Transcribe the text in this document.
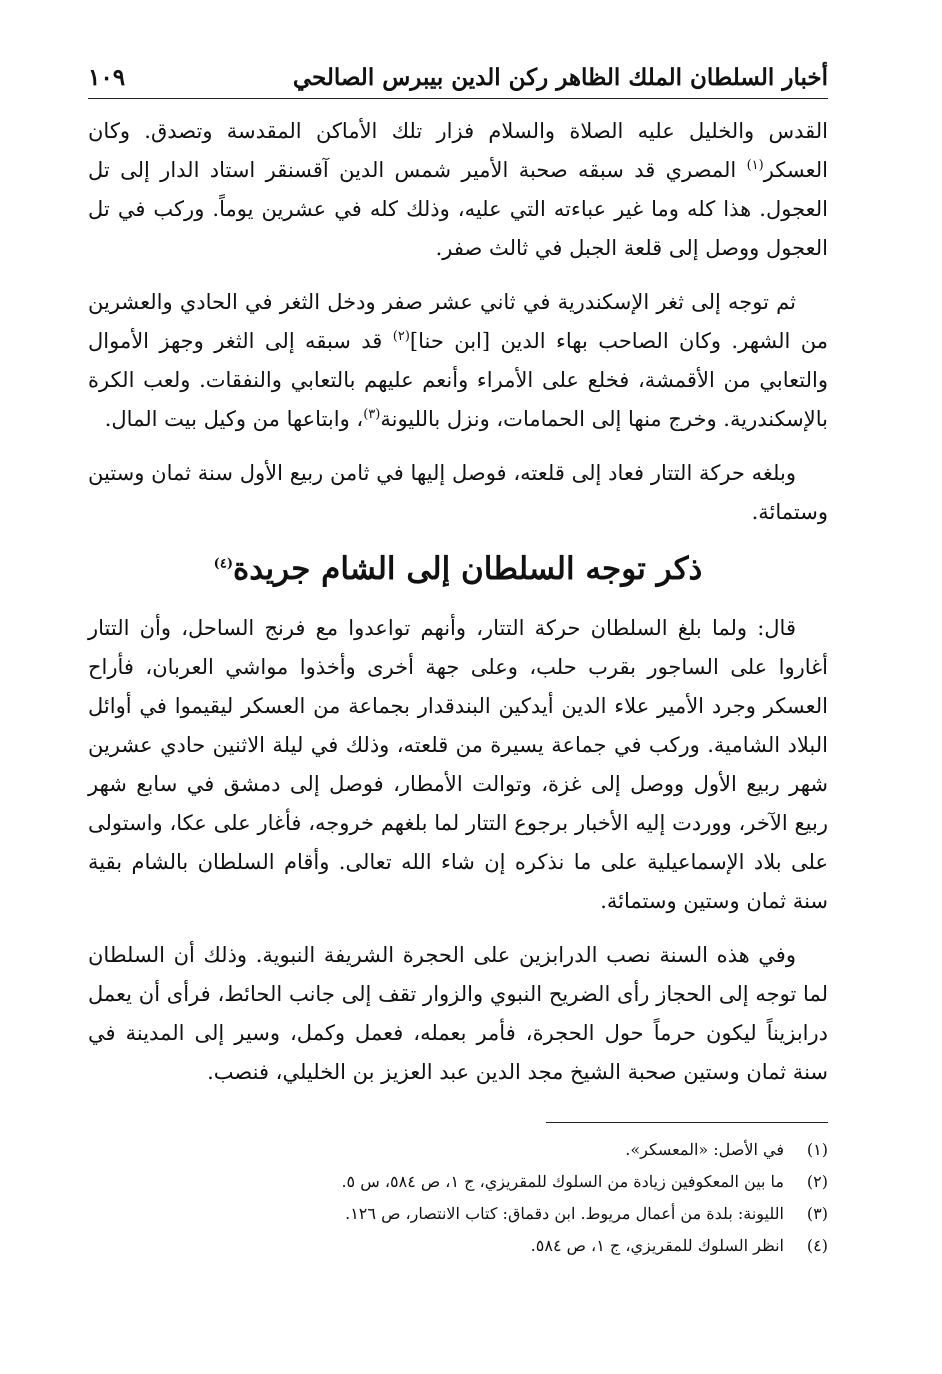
أخبار السلطان الملك الظاهر ركن الدين بيبرس الصالحي
١٠٩

القدس والخليل عليه الصلاة والسلام فزار تلك الأماكن المقدسة وتصدق. وكان العسكر$^{(١)}$ المصري قد سبقه صحبة الأمير شمس الدين آقسنقر استاد الدار إلى تل العجول. هذا كله وما غير عباءته التي عليه، وذلك كله في عشرين يوماً. وركب في تل العجول ووصل إلى قلعة الجبل في ثالث صفر.

ثم توجه إلى ثغر الإسكندرية في ثاني عشر صفر ودخل الثغر في الحادي والعشرين من الشهر. وكان الصاحب بهاء الدين [ابن حنا]$^{(٢)}$ قد سبقه إلى الثغر وجهز الأموال والتعابي من الأقمشة، فخلع على الأمراء وأنعم عليهم بالتعابي والنفقات. ولعب الكرة بالإسكندرية. وخرج منها إلى الحمامات، ونزل بالليونة$^{(٣)}$، وابتاعها من وكيل بيت المال.

وبلغه حركة التتار فعاد إلى قلعته، فوصل إليها في ثامن ربيع الأول سنة ثمان وستين وستمائة.

ذكر توجه السلطان إلى الشام جريدة$^{(٤)}$

قال: ولما بلغ السلطان حركة التتار، وأنهم تواعدوا مع فرنج الساحل، وأن التتار أغاروا على الساجور بقرب حلب، وعلى جهة أخرى وأخذوا مواشي العربان، فأراح العسكر وجرد الأمير علاء الدين أيدكين البندقدار بجماعة من العسكر ليقيموا في أوائل البلاد الشامية. وركب في جماعة يسيرة من قلعته، وذلك في ليلة الاثنين حادي عشرين شهر ربيع الأول ووصل إلى غزة، وتوالت الأمطار، فوصل إلى دمشق في سابع شهر ربيع الآخر، ووردت إليه الأخبار برجوع التتار لما بلغهم خروجه، فأغار على عكا، واستولى على بلاد الإسماعيلية على ما نذكره إن شاء الله تعالى. وأقام السلطان بالشام بقية سنة ثمان وستين وستمائة.

وفي هذه السنة نصب الدرابزين على الحجرة الشريفة النبوية. وذلك أن السلطان لما توجه إلى الحجاز رأى الضريح النبوي والزوار تقف إلى جانب الحائط، فرأى أن يعمل درابزيناً ليكون حرماً حول الحجرة، فأمر بعمله، فعمل وكمل، وسير إلى المدينة في سنة ثمان وستين صحبة الشيخ مجد الدين عبد العزيز بن الخليلي، فنصب.

(١)في الأصل: «المعسكر».
(٢)ما بين المعكوفين زيادة من السلوك للمقريزي، ج ١، ص ٥٨٤، س ٥.
(٣)الليونة: بلدة من أعمال مريوط. ابن دقماق: كتاب الانتصار، ص ١٢٦.
(٤)انظر السلوك للمقريزي، ج ١، ص ٥٨٤.
